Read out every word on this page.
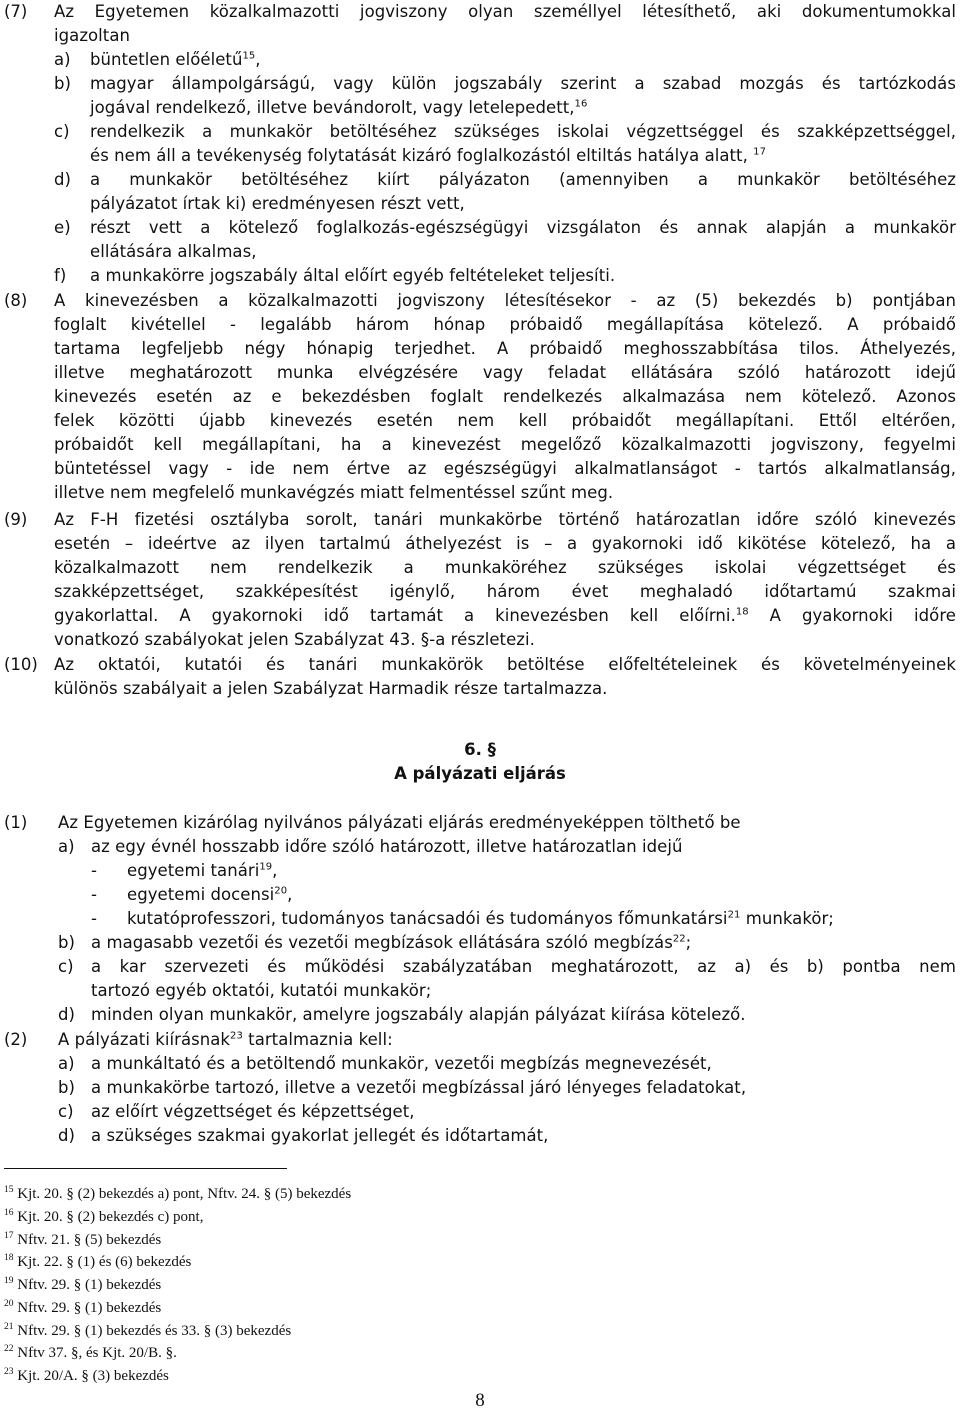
(7) Az Egyetemen közalkalmazotti jogviszony olyan személlyel létesíthető, aki dokumentumokkal
igazoltan
a) büntetlen előéletű$^{15}$,
b) magyar állampolgárságú, vagy külön jogszabály szerint a szabad mozgás és tartózkodás
jogával rendelkező, illetve bevándorolt, vagy letelepedett,$^{16}$
c) rendelkezik a munkakör betöltéséhez szükséges iskolai végzettséggel és szakképzettséggel,
és nem áll a tevékenység folytatását kizáró foglalkozástól eltiltás hatálya alatt, $^{17}$
d) a munkakör betöltéséhez kiírt pályázaton (amennyiben a munkakör betöltéséhez
pályázatot írtak ki) eredményesen részt vett,
e) részt vett a kötelező foglalkozás-egészségügyi vizsgálaton és annak alapján a munkakör
ellátására alkalmas,
f) a munkakörre jogszabály által előírt egyéb feltételeket teljesíti.
(8) A kinevezésben a közalkalmazotti jogviszony létesítésekor - az (5) bekezdés b) pontjában
foglalt kivétellel - legalább három hónap próbaidő megállapítása kötelező. A próbaidő
tartama legfeljebb négy hónapig terjedhet. A próbaidő meghosszabbítása tilos. Áthelyezés,
illetve meghatározott munka elvégzésére vagy feladat ellátására szóló határozott idejű
kinevezés esetén az e bekezdésben foglalt rendelkezés alkalmazása nem kötelező. Azonos
felek közötti újabb kinevezés esetén nem kell próbaidőt megállapítani. Ettől eltérően,
próbaidőt kell megállapítani, ha a kinevezést megelőző közalkalmazotti jogviszony, fegyelmi
büntetéssel vagy - ide nem értve az egészségügyi alkalmatlanságot - tartós alkalmatlanság,
illetve nem megfelelő munkavégzés miatt felmentéssel szűnt meg.
(9) Az F-H fizetési osztályba sorolt, tanári munkakörbe történő határozatlan időre szóló kinevezés
esetén – ideértve az ilyen tartalmú áthelyezést is – a gyakornoki idő kikötése kötelező, ha a
közalkalmazott nem rendelkezik a munkaköréhez szükséges iskolai végzettséget és
szakképzettséget, szakképesítést igénylő, három évet meghaladó időtartamú szakmai
gyakorlattal. A gyakornoki idő tartamát a kinevezésben kell előírni.$^{18}$ A gyakornoki időre
vonatkozó szabályokat jelen Szabályzat 43. §-a részletezi.
(10) Az oktatói, kutatói és tanári munkakörök betöltése előfeltételeinek és követelményeinek
különös szabályait a jelen Szabályzat Harmadik része tartalmazza.
6. §
A pályázati eljárás
(1) Az Egyetemen kizárólag nyilvános pályázati eljárás eredményeképpen tölthető be
a) az egy évnél hosszabb időre szóló határozott, illetve határozatlan idejű
- egyetemi tanári$^{19}$,
- egyetemi docensi$^{20}$,
- kutatóprofesszori, tudományos tanácsadói és tudományos főmunkatársi$^{21}$ munkakör;
b) a magasabb vezetői és vezetői megbízások ellátására szóló megbízás$^{22}$;
c) a kar szervezeti és működési szabályzatában meghatározott, az a) és b) pontba nem
tartozó egyéb oktatói, kutatói munkakör;
d) minden olyan munkakör, amelyre jogszabály alapján pályázat kiírása kötelező.
(2) A pályázati kiírásnak$^{23}$ tartalmaznia kell:
a) a munkáltató és a betöltendő munkakör, vezetői megbízás megnevezését,
b) a munkakörbe tartozó, illetve a vezetői megbízással járó lényeges feladatokat,
c) az előírt végzettséget és képzettséget,
d) a szükséges szakmai gyakorlat jellegét és időtartamát,
$^{15}$ Kjt. 20. § (2) bekezdés a) pont, Nftv. 24. § (5) bekezdés
$^{16}$ Kjt. 20. § (2) bekezdés c) pont,
$^{17}$ Nftv. 21. § (5) bekezdés
$^{18}$ Kjt. 22. § (1) és (6) bekezdés
$^{19}$ Nftv. 29. § (1) bekezdés
$^{20}$ Nftv. 29. § (1) bekezdés
$^{21}$ Nftv. 29. § (1) bekezdés és 33. § (3) bekezdés
$^{22}$ Nftv 37. §, és Kjt. 20/B. §.
$^{23}$ Kjt. 20/A. § (3) bekezdés
8
